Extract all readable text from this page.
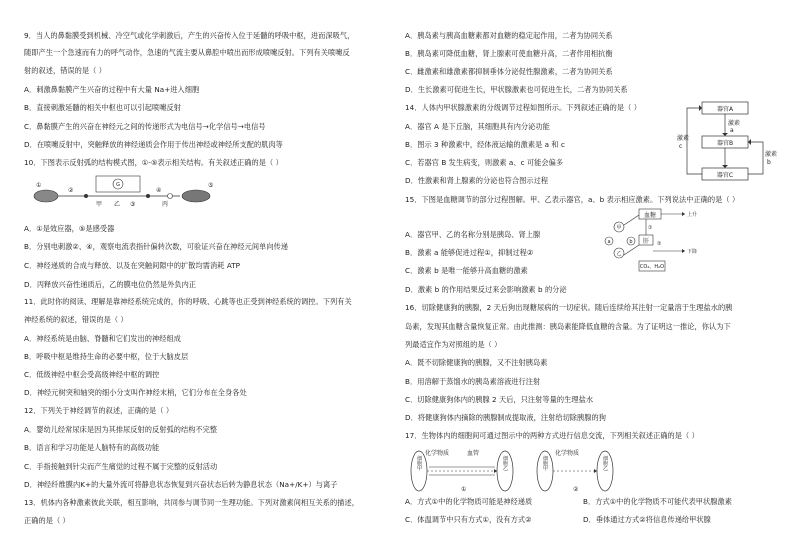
9．当人的鼻黏膜受到机械、冷空气或化学刺激后，产生的兴奋传入位于延髓的呼吸中枢，进而深吸气，
随即产生一个急速而有力的呼气动作，急速的气流主要从鼻腔中喷出而形成喷嚏反射。下列有关喷嚏反
射的叙述，错误的是（ ）
A．刺激鼻黏膜产生兴奋的过程中有大量 Na+进入细胞
B．直接刺激延髓的相关中枢也可以引起喷嚏反射
C．鼻黏膜产生的兴奋在神经元之间的传递形式为电信号→化学信号→电信号
D．在喷嚏反射中，突触释放的神经递质会作用于传出神经或神经所支配的肌肉等
10．下图表示反射弧的结构模式图，①-⑤表示相关结构。有关叙述正确的是（ ）
G
①
②
③
④
⑤
甲 乙	丙
A．①是效应器，⑤是感受器
B．分别电刺激②、④，观察电流表指针偏转次数，可验证兴奋在神经元间单向传递
C．神经递质的合成与释放、以及在突触间隙中的扩散均需消耗 ATP
D．丙释放兴奋性递质后，乙的膜电位仍然是外负内正
11．此时你的阅读、理解是靠神经系统完成的，你的呼吸、心跳等也正受到神经系统的调控。下列有关
神经系统的叙述，错误的是（ ）
A．神经系统是由脑、脊髓和它们发出的神经组成
B．呼吸中枢是维持生命的必要中枢，位于大脑皮层
C．低级神经中枢会受高级神经中枢的调控
D．神经元树突和轴突的细小分支叫作神经末梢，它们分布在全身各处
12．下列关于神经调节的叙述，正确的是（ ）
A．婴幼儿经常尿床是因为其排尿反射的反射弧的结构不完整
B．语言和学习功能是人脑特有的高级功能
C．手指接触到针尖而产生痛觉的过程不属于完整的反射活动
D．神经纤维膜内K+的大量外流可将静息状态恢复到兴奋状态后转为静息状态（Na+/K+）与离子
13．机体内各种激素彼此关联，相互影响，共同参与调节同一生理功能。下列对激素间相互关系的描述，
正确的是（ ）
A．胰岛素与胰高血糖素都对血糖的稳定起作用，二者为协同关系
B．胰岛素可降低血糖，肾上腺素可使血糖升高，二者作用相抗衡
C．雌激素和雄激素都抑制垂体分泌促性腺激素，二者为协同关系
D．生长激素可促进生长，甲状腺激素也可促进生长，二者为协同关系
14．人体内甲状腺激素的分级调节过程如图所示。下列叙述正确的是（ ）
A．器官 A 是下丘脑，其细胞具有内分泌功能
B．图示 3 种激素中，经体液运输的激素是 a 和 c
C．若器官 B 发生病变，则激素 a、c 可能会偏多
D．性激素和肾上腺素的分泌也符合图示过程
器官A
器官B
器官C
激素
c
激素
a
激素
b
15．下图是血糖调节的部分过程图解。甲、乙表示器官，a、b 表示相应激素。下列说法中正确的是（ ）
血糖	上升
肝
下降
甲
乙
a	b
①
②
CO₂、H₂O
A．器官甲、乙的名称分别是胰岛、肾上腺
B．激素 a 能够促进过程①，抑制过程②
C．激素 b 是唯一能够升高血糖的激素
D．激素 b 的作用结果反过来会影响激素 b 的分泌
16．切除健康狗的胰腺，2 天后狗出现糖尿病的一切症状。随后连续给其注射一定量溶于生理盐水的胰
岛素，发现其血糖含量恢复正常。由此推测：胰岛素能降低血糖的含量。为了证明这一推论，你认为下
列最适宜作为对照组的是（ ）
A．既不切除健康狗的胰腺，又不注射胰岛素
B．用溶解于蒸馏水的胰岛素溶液进行注射
C．切除健康狗体内的胰腺 2 天后，只注射等量的生理盐水
D．将健康狗体内摘除的胰腺制成提取液，注射给切除胰腺的狗
17．生物体内的细胞间可通过图示中的两种方式进行信息交流，下列相关叙述正确的是（ ）
细胞甲	细胞乙
化学物质	血管
①
细胞甲	细胞乙
化学物质
②
A．方式①中的化学物质可能是神经递质	B．方式①中的化学物质不可能代表甲状腺激素
C．体温调节中只有方式①，没有方式②	D．垂体通过方式②将信息传递给甲状腺
